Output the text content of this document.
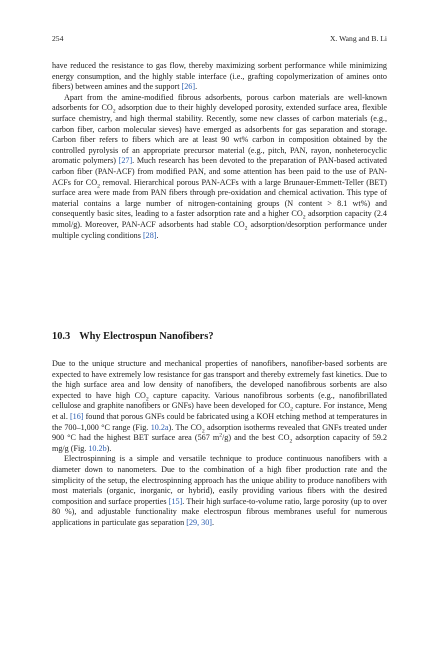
254	X. Wang and B. Li

have reduced the resistance to gas flow, thereby maximizing sorbent performance while minimizing energy consumption, and the highly stable interface (i.e., grafting copolymerization of amines onto fibers) between amines and the support [26].

Apart from the amine-modified fibrous adsorbents, porous carbon materials are well-known adsorbents for $CO_2$ adsorption due to their highly developed porosity, extended surface area, flexible surface chemistry, and high thermal stability. Recently, some new classes of carbon materials (e.g., carbon fiber, carbon molecular sieves) have emerged as adsorbents for gas separation and storage. Carbon fiber refers to fibers which are at least 90 wt% carbon in composition obtained by the controlled pyrolysis of an appropriate precursor material (e.g., pitch, PAN, rayon, nonheterocyclic aromatic polymers) [27]. Much research has been devoted to the preparation of PAN-based activated carbon fiber (PAN-ACF) from modified PAN, and some attention has been paid to the use of PAN-ACFs for $CO_2$ removal. Hierarchical porous PAN-ACFs with a large Brunauer-Emmett-Teller (BET) surface area were made from PAN fibers through pre-oxidation and chemical activation. This type of material contains a large number of nitrogen-containing groups (N content > 8.1 wt%) and consequently basic sites, leading to a faster adsorption rate and a higher $CO_2$ adsorption capacity (2.4 mmol/g). Moreover, PAN-ACF adsorbents had stable $CO_2$ adsorption/desorption performance under multiple cycling conditions [28].

10.3 Why Electrospun Nanofibers?

Due to the unique structure and mechanical properties of nanofibers, nanofiber-based sorbents are expected to have extremely low resistance for gas transport and thereby extremely fast kinetics. Due to the high surface area and low density of nanofibers, the developed nanofibrous sorbents are also expected to have high $CO_2$ capture capacity. Various nanofibrous sorbents (e.g., nanofibrillated cellulose and graphite nanofibers or GNFs) have been developed for $CO_2$ capture. For instance, Meng et al. [16] found that porous GNFs could be fabricated using a KOH etching method at temperatures in the 700–1,000 °C range (Fig. 10.2a). The $CO_2$ adsorption isotherms revealed that GNFs treated under 900 °C had the highest BET surface area (567 $m^2/g$) and the best $CO_2$ adsorption capacity of 59.2 mg/g (Fig. 10.2b).

Electrospinning is a simple and versatile technique to produce continuous nanofibers with a diameter down to nanometers. Due to the combination of a high fiber production rate and the simplicity of the setup, the electrospinning approach has the unique ability to produce nanofibers with most materials (organic, inorganic, or hybrid), easily providing various fibers with the desired composition and surface properties [15]. Their high surface-to-volume ratio, large porosity (up to over 80 %), and adjustable functionality make electrospun fibrous membranes useful for numerous applications in particulate gas separation [29, 30].
